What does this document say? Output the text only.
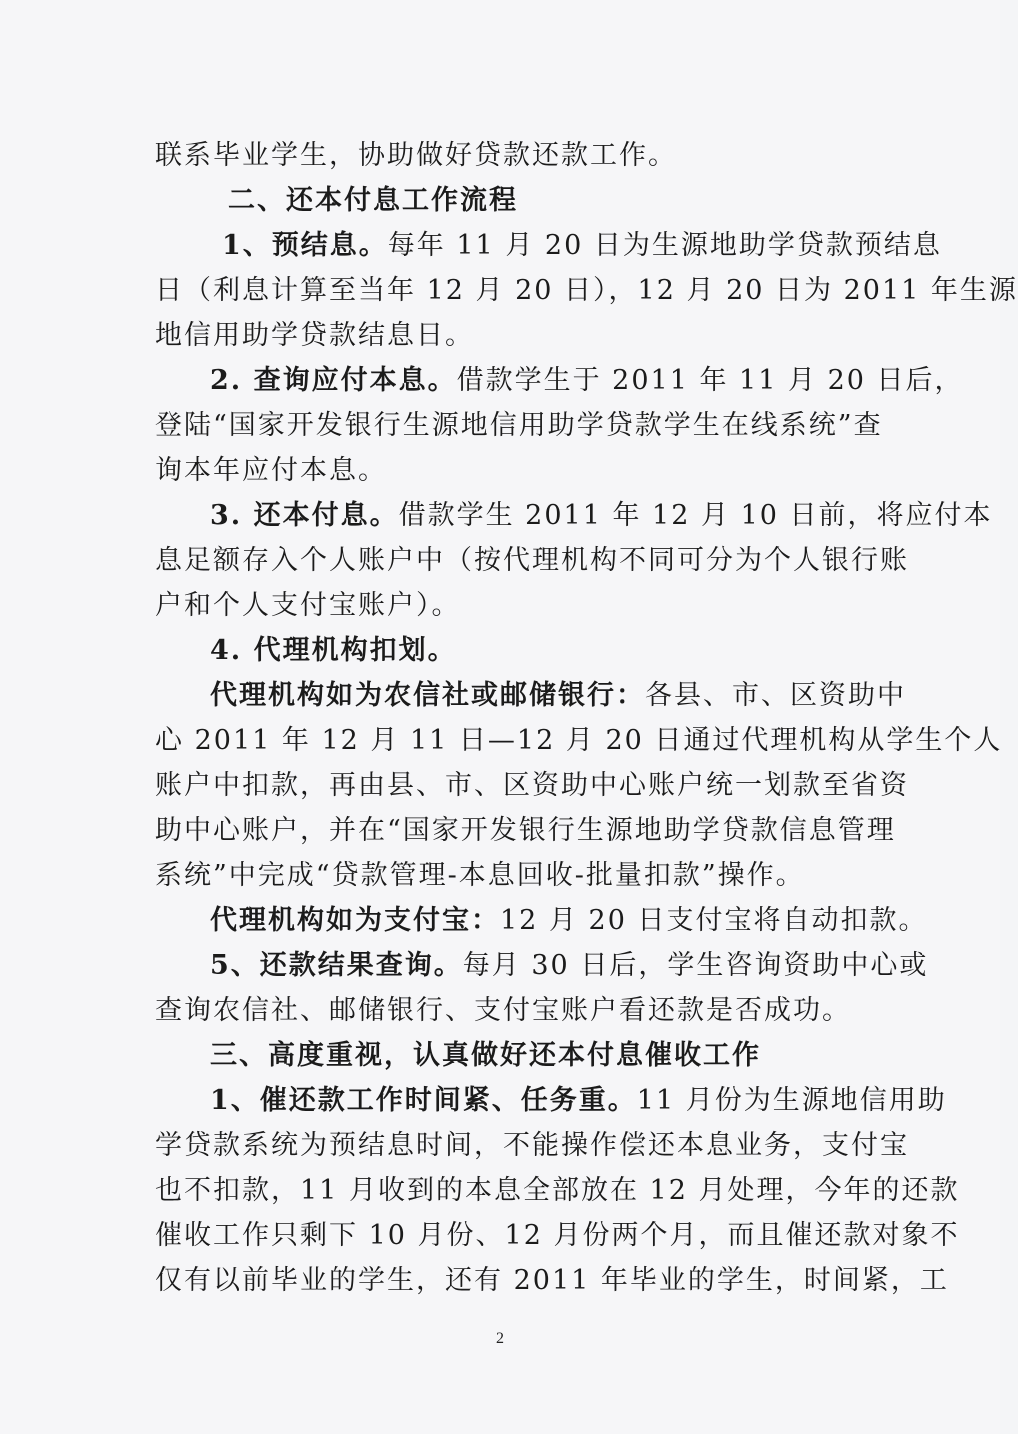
联系毕业学生，协助做好贷款还款工作。
二、还本付息工作流程
1、预结息。每年 11 月 20 日为生源地助学贷款预结息
日（利息计算至当年 12 月 20 日），12 月 20 日为 2011 年生源
地信用助学贷款结息日。
2. 查询应付本息。借款学生于 2011 年 11 月 20 日后，
登陆“国家开发银行生源地信用助学贷款学生在线系统”查
询本年应付本息。
3. 还本付息。借款学生 2011 年 12 月 10 日前，将应付本
息足额存入个人账户中（按代理机构不同可分为个人银行账
户和个人支付宝账户）。
4. 代理机构扣划。
代理机构如为农信社或邮储银行：各县、市、区资助中
心 2011 年 12 月 11 日—12 月 20 日通过代理机构从学生个人
账户中扣款，再由县、市、区资助中心账户统一划款至省资
助中心账户，并在“国家开发银行生源地助学贷款信息管理
系统”中完成“贷款管理-本息回收-批量扣款”操作。
代理机构如为支付宝：12 月 20 日支付宝将自动扣款。
5、还款结果查询。每月 30 日后，学生咨询资助中心或
查询农信社、邮储银行、支付宝账户看还款是否成功。
三、高度重视，认真做好还本付息催收工作
1、催还款工作时间紧、任务重。11 月份为生源地信用助
学贷款系统为预结息时间，不能操作偿还本息业务，支付宝
也不扣款，11 月收到的本息全部放在 12 月处理，今年的还款
催收工作只剩下 10 月份、12 月份两个月，而且催还款对象不
仅有以前毕业的学生，还有 2011 年毕业的学生，时间紧，工
2
